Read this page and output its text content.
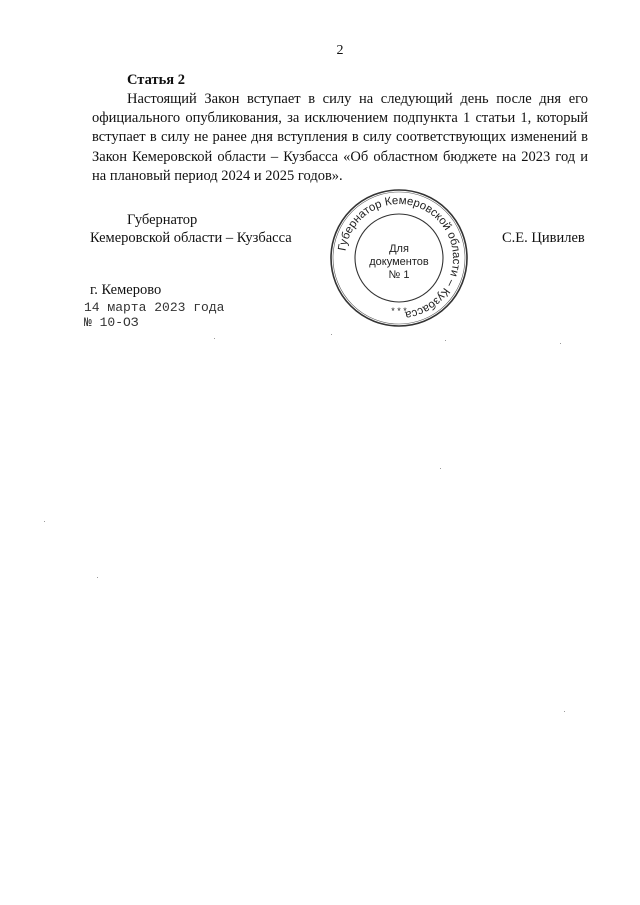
2
Статья 2

Настоящий Закон вступает в силу на следующий день после дня его официального опубликования, за исключением подпункта 1 статьи 1, который вступает в силу не ранее дня вступления в силу соответствующих изменений в Закон Кемеровской области – Кузбасса «Об областном бюджете на 2023 год и на плановый период 2024 и 2025 годов».

Губернатор
Кемеровской области – Кузбасса	С.Е. Цивилев
Губернатор Кемеровской области – Кузбасса
Для
документов
№ 1
* * *
г. Кемерово
14 марта 2023 года
№ 10-ОЗ
